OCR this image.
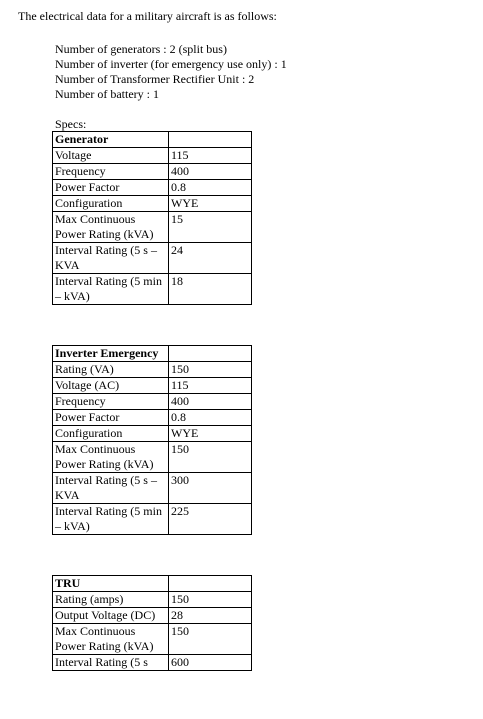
The electrical data for a military aircraft is as follows:
Number of generators : 2 (split bus)
Number of inverter (for emergency use only) : 1
Number of Transformer Rectifier Unit : 2
Number of battery : 1
Specs:
Generator	
Voltage	115
Frequency	400
Power Factor	0.8
Configuration	WYE
Max Continuous Power Rating (kVA)	15
Interval Rating (5 s – KVA	24
Interval Rating (5 min – kVA)	18
Inverter Emergency	
Rating (VA)	150
Voltage (AC)	115
Frequency	400
Power Factor	0.8
Configuration	WYE
Max Continuous Power Rating (kVA)	150
Interval Rating (5 s – KVA	300
Interval Rating (5 min – kVA)	225
TRU	
Rating (amps)	150
Output Voltage (DC)	28
Max Continuous Power Rating (kVA)	150
Interval Rating (5 s	600
